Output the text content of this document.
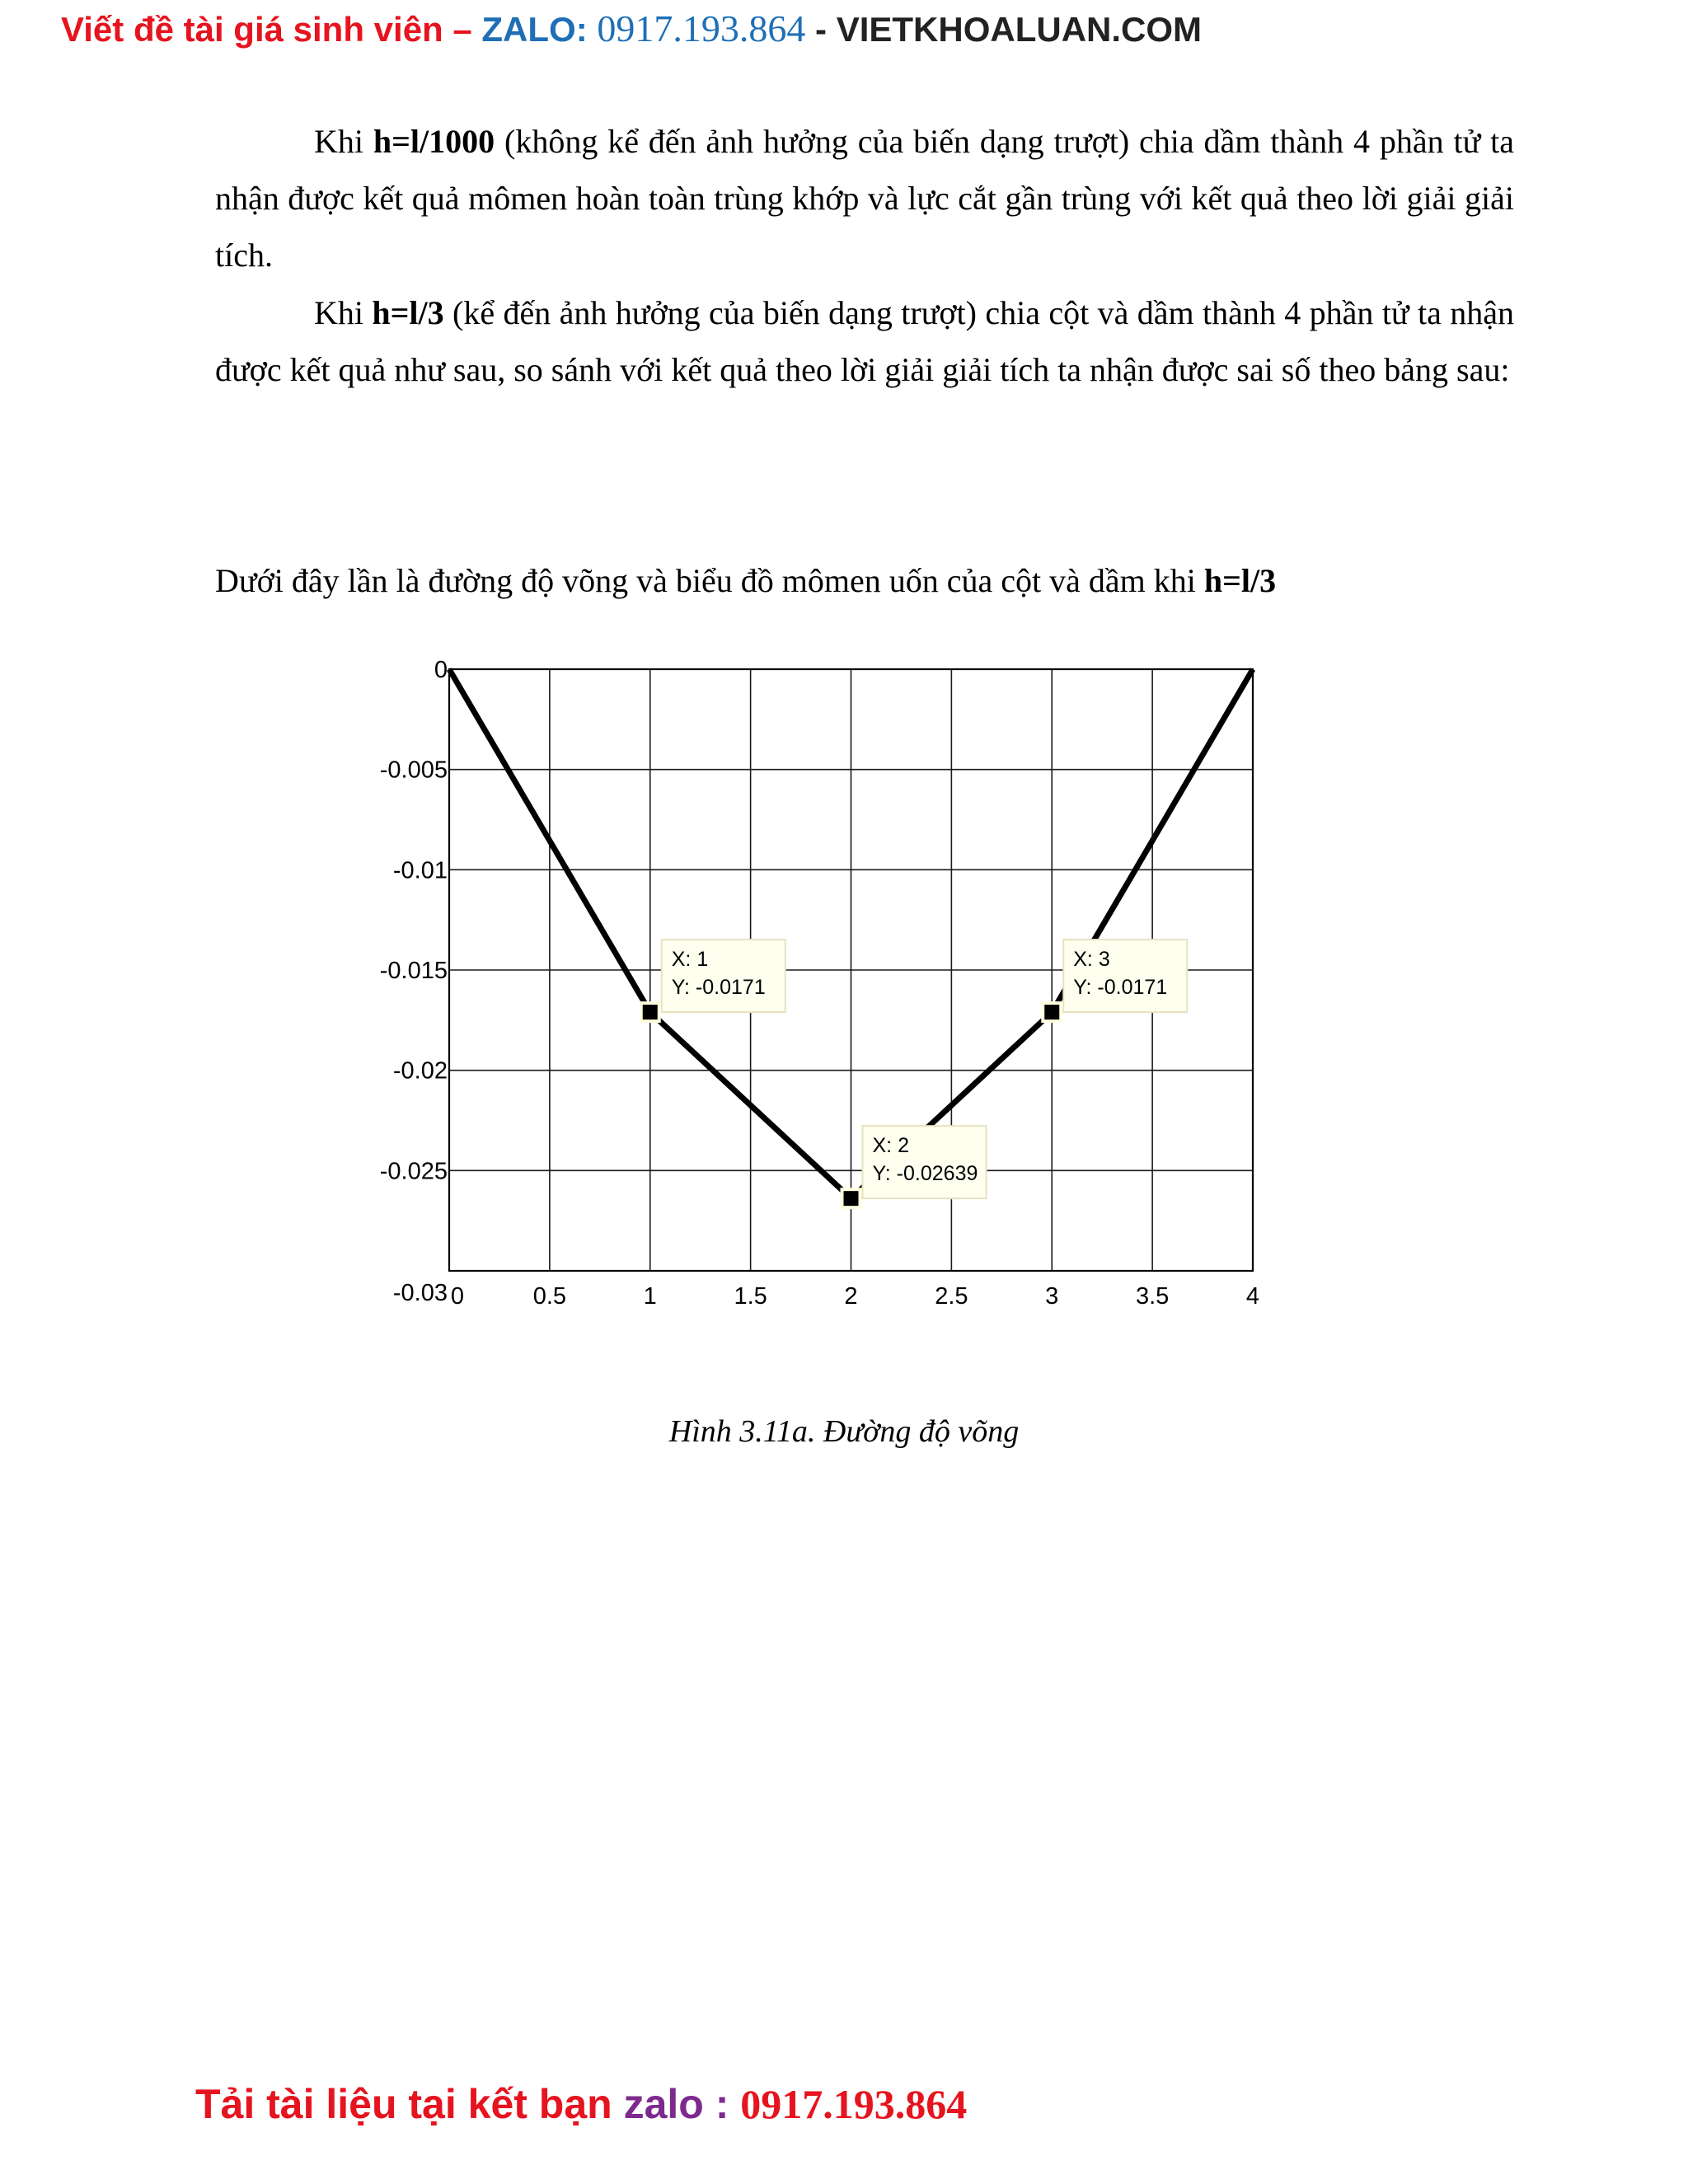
Viết đề tài giá sinh viên – ZALO: 0917.193.864 - VIETKHOALUAN.COM

Khi h=l/1000 (không kể đến ảnh hưởng của biến dạng trượt) chia dầm thành 4 phần tử ta nhận được kết quả mômen hoàn toàn trùng khớp và lực cắt gần trùng với kết quả theo lời giải giải tích.

Khi h=l/3 (kể đến ảnh hưởng của biến dạng trượt) chia cột và dầm thành 4 phần tử ta nhận được kết quả như sau, so sánh với kết quả theo lời giải giải tích ta nhận được sai số theo bảng sau:

Dưới đây lần là đường độ võng và biểu đồ mômen uốn của cột và dầm khi h=l/3
0	0.5	1	1.5	2	2.5	3	3.5	4
0
-0.005
-0.01
-0.015
-0.02
-0.025
-0.03
X: 1
Y: -0.0171
X: 2
Y: -0.02639
X: 3
Y: -0.0171
Hình 3.11a. Đường độ võng
Tải tài liệu tại kết bạn zalo : 0917.193.864
